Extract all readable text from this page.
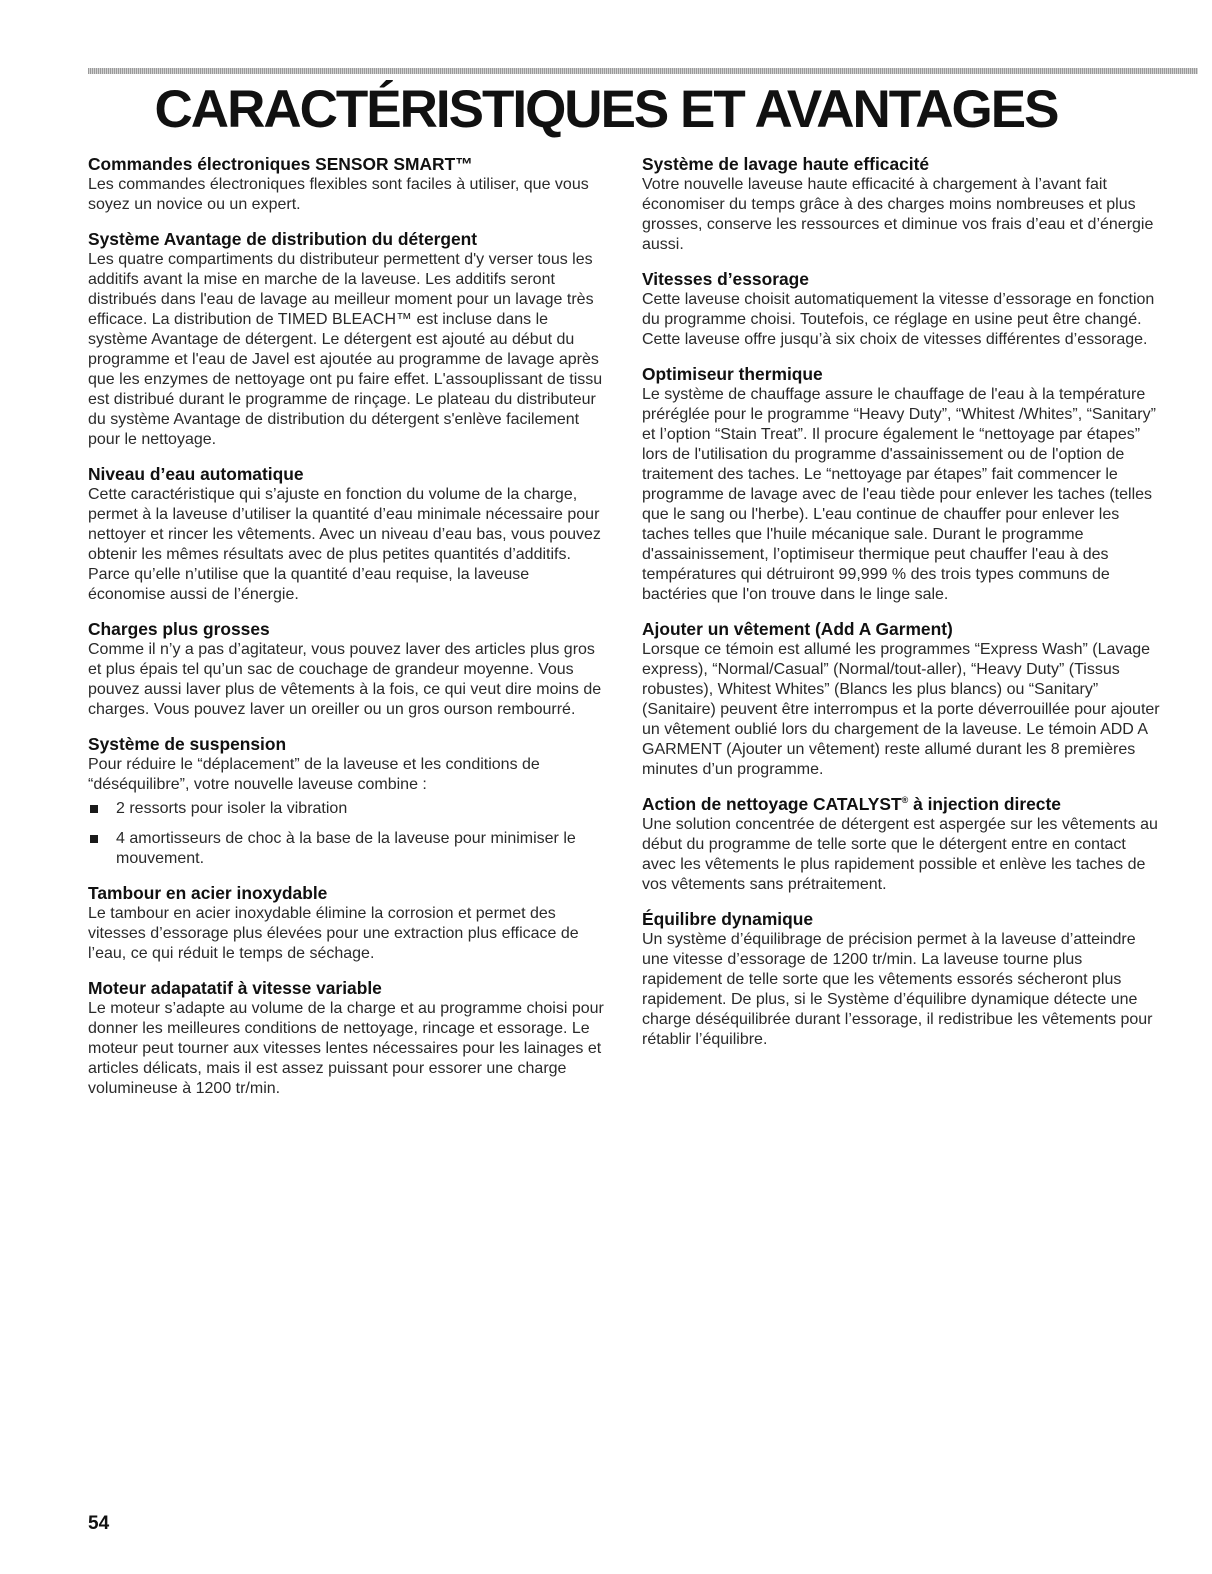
CARACTÉRISTIQUES ET AVANTAGES
Commandes électroniques SENSOR SMART™

Les commandes électroniques flexibles sont faciles à utiliser, que vous soyez un novice ou un expert.

Système Avantage de distribution du détergent

Les quatre compartiments du distributeur permettent d'y verser tous les additifs avant la mise en marche de la laveuse. Les additifs seront distribués dans l'eau de lavage au meilleur moment pour un lavage très efficace. La distribution de TIMED BLEACH™ est incluse dans le système Avantage de détergent. Le détergent est ajouté au début du programme et l'eau de Javel est ajoutée au programme de lavage après que les enzymes de nettoyage ont pu faire effet. L'assouplissant de tissu est distribué durant le programme de rinçage. Le plateau du distributeur du système Avantage de distribution du détergent s'enlève facilement pour le nettoyage.

Niveau d’eau automatique

Cette caractéristique qui s’ajuste en fonction du volume de la charge, permet à la laveuse d’utiliser la quantité d’eau minimale nécessaire pour nettoyer et rincer les vêtements. Avec un niveau d’eau bas, vous pouvez obtenir les mêmes résultats avec de plus petites quantités d’additifs. Parce qu’elle n’utilise que la quantité d’eau requise, la laveuse économise aussi de l’énergie.

Charges plus grosses

Comme il n’y a pas d’agitateur, vous pouvez laver des articles plus gros et plus épais tel qu’un sac de couchage de grandeur moyenne. Vous pouvez aussi laver plus de vêtements à la fois, ce qui veut dire moins de charges. Vous pouvez laver un oreiller ou un gros ourson rembourré.

Système de suspension

Pour réduire le “déplacement” de la laveuse et les conditions de “déséquilibre”, votre nouvelle laveuse combine :

2 ressorts pour isoler la vibration
4 amortisseurs de choc à la base de la laveuse pour minimiser le mouvement.
Tambour en acier inoxydable

Le tambour en acier inoxydable élimine la corrosion et permet des vitesses d’essorage plus élevées pour une extraction plus efficace de l’eau, ce qui réduit le temps de séchage.

Moteur adapatatif à vitesse variable

Le moteur s’adapte au volume de la charge et au programme choisi pour donner les meilleures conditions de nettoyage, rincage et essorage. Le moteur peut tourner aux vitesses lentes nécessaires pour les lainages et articles délicats, mais il est assez puissant pour essorer une charge volumineuse à 1200 tr/min.

Système de lavage haute efficacité

Votre nouvelle laveuse haute efficacité à chargement à l’avant fait économiser du temps grâce à des charges moins nombreuses et plus grosses, conserve les ressources et diminue vos frais d’eau et d’énergie aussi.

Vitesses d’essorage

Cette laveuse choisit automatiquement la vitesse d’essorage en fonction du programme choisi. Toutefois, ce réglage en usine peut être changé. Cette laveuse offre jusqu’à six choix de vitesses différentes d’essorage.

Optimiseur thermique

Le système de chauffage assure le chauffage de l'eau à la température préréglée pour le programme “Heavy Duty”, “Whitest /Whites”, “Sanitary” et l’option “Stain Treat”. Il procure également le “nettoyage par étapes” lors de l'utilisation du programme d'assainissement ou de l'option de traitement des taches. Le “nettoyage par étapes” fait commencer le programme de lavage avec de l'eau tiède pour enlever les taches (telles que le sang ou l'herbe). L'eau continue de chauffer pour enlever les taches telles que l'huile mécanique sale. Durant le programme d'assainissement, l’optimiseur thermique peut chauffer l'eau à des températures qui détruiront 99,999 % des trois types communs de bactéries que l'on trouve dans le linge sale.

Ajouter un vêtement (Add A Garment)

Lorsque ce témoin est allumé les programmes “Express Wash” (Lavage express), “Normal/Casual” (Normal/tout-aller), “Heavy Duty” (Tissus robustes), Whitest Whites” (Blancs les plus blancs) ou “Sanitary” (Sanitaire) peuvent être interrompus et la porte déverrouillée pour ajouter un vêtement oublié lors du chargement de la laveuse. Le témoin ADD A GARMENT (Ajouter un vêtement) reste allumé durant les 8 premières minutes d’un programme.

Action de nettoyage CATALYST® à injection directe

Une solution concentrée de détergent est aspergée sur les vêtements au début du programme de telle sorte que le détergent entre en contact avec les vêtements le plus rapidement possible et enlève les taches de vos vêtements sans prétraitement.

Équilibre dynamique

Un système d’équilibrage de précision permet à la laveuse d’atteindre une vitesse d’essorage de 1200 tr/min. La laveuse tourne plus rapidement de telle sorte que les vêtements essorés sécheront plus rapidement. De plus, si le Système d’équilibre dynamique détecte une charge déséquilibrée durant l’essorage, il redistribue les vêtements pour rétablir l’équilibre.

54
